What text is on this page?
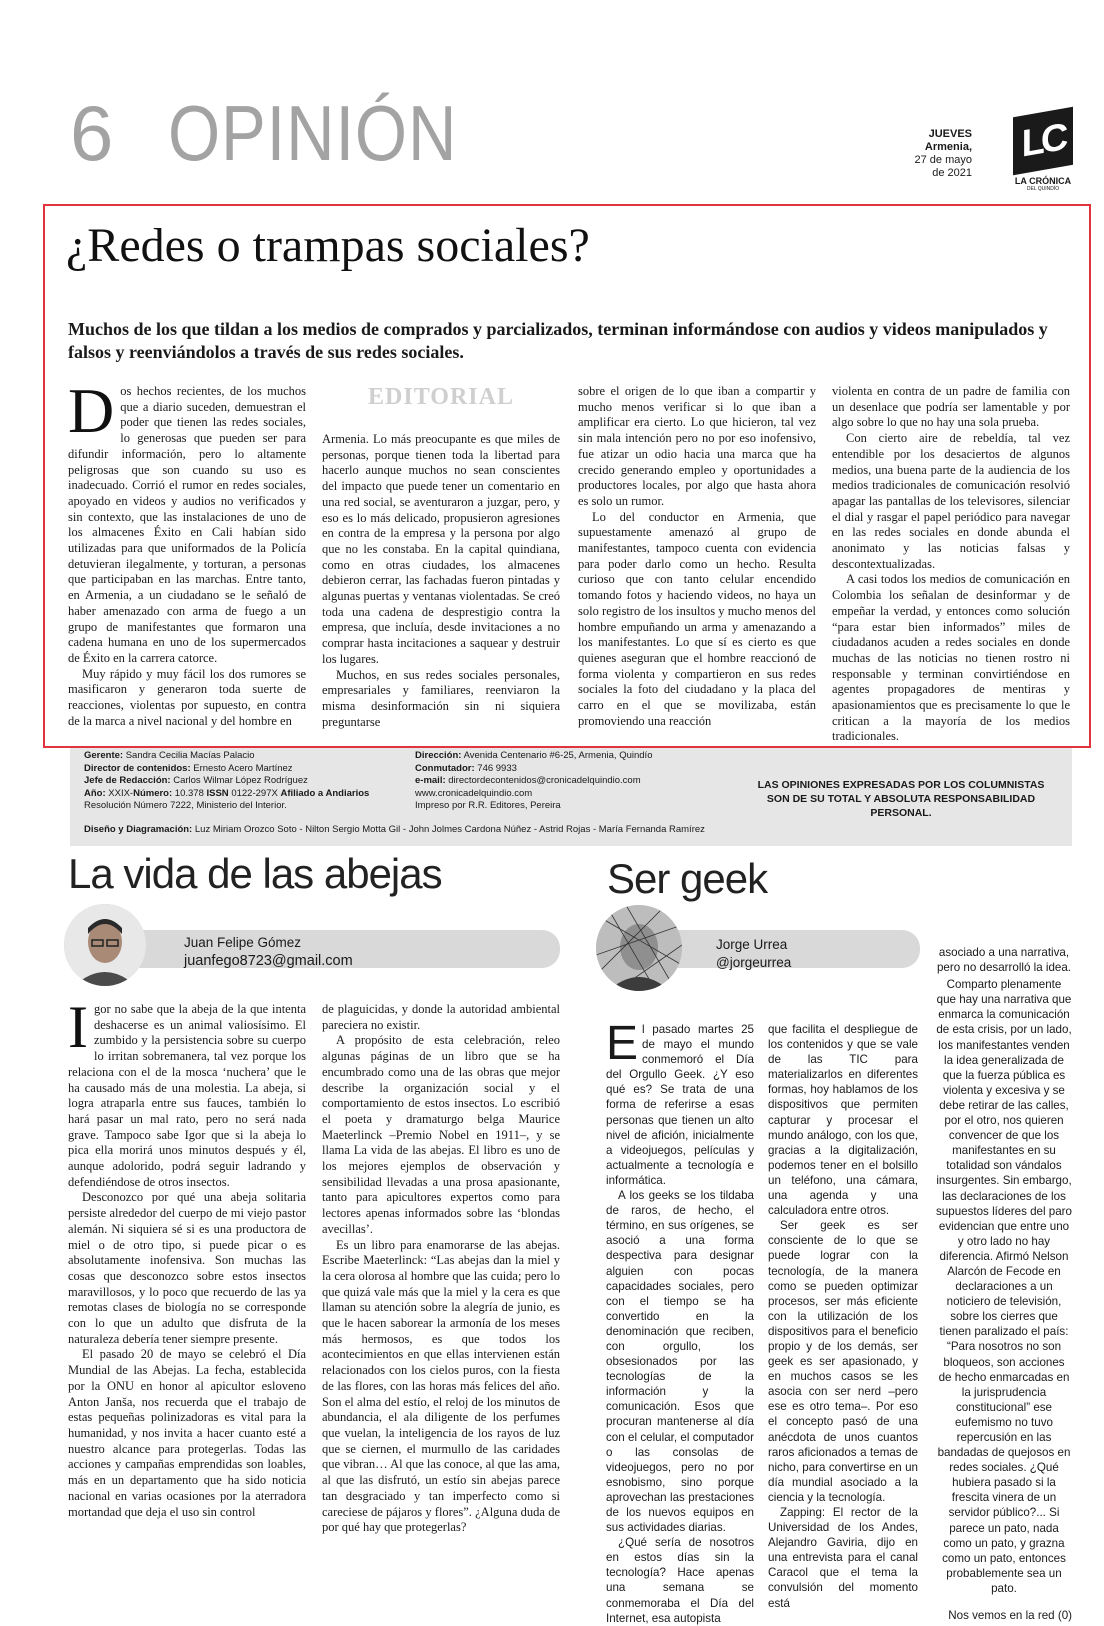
6 OPINIÓN	JUEVES
Armenia,
27 de mayo
de 2021
LC
LA CRÓNICA
DEL QUINDÍO
¿Redes o trampas sociales?
Muchos de los que tildan a los medios de comprados y parcializados, terminan informándose con audios y videos manipulados y falsos y reenviándolos a través de sus redes sociales.
EDITORIAL

Dos hechos recientes, de los muchos que a diario suceden, demuestran el poder que tienen las redes sociales, lo generosas que pueden ser para difundir información, pero lo altamente peligrosas que son cuando su uso es inadecuado. Corrió el rumor en redes sociales, apoyado en videos y audios no verificados y sin contexto, que las instalaciones de uno de los almacenes Éxito en Cali habían sido utilizadas para que uniformados de la Policía detuvieran ilegalmente, y torturan, a personas que participaban en las marchas. Entre tanto, en Armenia, a un ciudadano se le señaló de haber amenazado con arma de fuego a un grupo de manifestantes que formaron una cadena humana en uno de los supermercados de Éxito en la carrera catorce.

Muy rápido y muy fácil los dos rumores se masificaron y generaron toda suerte de reacciones, violentas por supuesto, en contra de la marca a nivel nacional y del hombre en

Armenia. Lo más preocupante es que miles de personas, porque tienen toda la libertad para hacerlo aunque muchos no sean conscientes del impacto que puede tener un comentario en una red social, se aventuraron a juzgar, pero, y eso es lo más delicado, propusieron agresiones en contra de la empresa y la persona por algo que no les constaba. En la capital quindiana, como en otras ciudades, los almacenes debieron cerrar, las fachadas fueron pintadas y algunas puertas y ventanas violentadas. Se creó toda una cadena de desprestigio contra la empresa, que incluía, desde invitaciones a no comprar hasta incitaciones a saquear y destruir los lugares.

Muchos, en sus redes sociales personales, empresariales y familiares, reenviaron la misma desinformación sin ni siquiera preguntarse

sobre el origen de lo que iban a compartir y mucho menos verificar si lo que iban a amplificar era cierto. Lo que hicieron, tal vez sin mala intención pero no por eso inofensivo, fue atizar un odio hacia una marca que ha crecido generando empleo y oportunidades a productores locales, por algo que hasta ahora es solo un rumor.

Lo del conductor en Armenia, que supuestamente amenazó al grupo de manifestantes, tampoco cuenta con evidencia para poder darlo como un hecho. Resulta curioso que con tanto celular encendido tomando fotos y haciendo videos, no haya un solo registro de los insultos y mucho menos del hombre empuñando un arma y amenazando a los manifestantes. Lo que sí es cierto es que quienes aseguran que el hombre reaccionó de forma violenta y compartieron en sus redes sociales la foto del ciudadano y la placa del carro en el que se movilizaba, están promoviendo una reacción

violenta en contra de un padre de familia con un desenlace que podría ser lamentable y por algo sobre lo que no hay una sola prueba.

Con cierto aire de rebeldía, tal vez entendible por los desaciertos de algunos medios, una buena parte de la audiencia de los medios tradicionales de comunicación resolvió apagar las pantallas de los televisores, silenciar el dial y rasgar el papel periódico para navegar en las redes sociales en donde abunda el anonimato y las noticias falsas y descontextualizadas.

A casi todos los medios de comunicación en Colombia los señalan de desinformar y de empeñar la verdad, y entonces como solución “para estar bien informados” miles de ciudadanos acuden a redes sociales en donde muchas de las noticias no tienen rostro ni responsable y terminan convirtiéndose en agentes propagadores de mentiras y apasionamientos que es precisamente lo que le critican a la mayoría de los medios tradicionales.

Gerente: Sandra Cecilia Macías Palacio
Director de contenidos: Ernesto Acero Martínez
Jefe de Redacción: Carlos Wilmar López Rodríguez
Año: XXIX-Número: 10.378 ISSN 0122-297X Afiliado a Andiarios
Resolución Número 7222, Ministerio del Interior.
Dirección: Avenida Centenario #6-25, Armenia, Quindío
Conmutador: 746 9933
e-mail: directordecontenidos@cronicadelquindio.com
www.cronicadelquindio.com
Impreso por R.R. Editores, Pereira
Diseño y Diagramación: Luz Miriam Orozco Soto - Nilton Sergio Motta Gil - John Jolmes Cardona Núñez - Astrid Rojas - María Fernanda Ramírez
LAS OPINIONES EXPRESADAS POR LOS COLUMNISTAS SON DE SU TOTAL Y ABSOLUTA RESPONSABILIDAD PERSONAL.
La vida de las abejas
Juan Felipe Gómez
juanfego8723@gmail.com

Igor no sabe que la abeja de la que intenta deshacerse es un animal valiosísimo. El zumbido y la persistencia sobre su cuerpo lo irritan sobremanera, tal vez porque los relaciona con el de la mosca ‘nuchera’ que le ha causado más de una molestia. La abeja, si logra atraparla entre sus fauces, también lo hará pasar un mal rato, pero no será nada grave. Tampoco sabe Igor que si la abeja lo pica ella morirá unos minutos después y él, aunque adolorido, podrá seguir ladrando y defendiéndose de otros insectos.

Desconozco por qué una abeja solitaria persiste alrededor del cuerpo de mi viejo pastor alemán. Ni siquiera sé si es una productora de miel o de otro tipo, si puede picar o es absolutamente inofensiva. Son muchas las cosas que desconozco sobre estos insectos maravillosos, y lo poco que recuerdo de las ya remotas clases de biología no se corresponde con lo que un adulto que disfruta de la naturaleza debería tener siempre presente.

El pasado 20 de mayo se celebró el Día Mundial de las Abejas. La fecha, establecida por la ONU en honor al apicultor esloveno Anton Janša, nos recuerda que el trabajo de estas pequeñas polinizadoras es vital para la humanidad, y nos invita a hacer cuanto esté a nuestro alcance para protegerlas. Todas las acciones y campañas emprendidas son loables, más en un departamento que ha sido noticia nacional en varias ocasiones por la aterradora mortandad que deja el uso sin control

de plaguicidas, y donde la autoridad ambiental pareciera no existir.

A propósito de esta celebración, releo algunas páginas de un libro que se ha encumbrado como una de las obras que mejor describe la organización social y el comportamiento de estos insectos. Lo escribió el poeta y dramaturgo belga Maurice Maeterlinck –Premio Nobel en 1911–, y se llama La vida de las abejas. El libro es uno de los mejores ejemplos de observación y sensibilidad llevadas a una prosa apasionante, tanto para apicultores expertos como para lectores apenas informados sobre las ‘blondas avecillas’.

Es un libro para enamorarse de las abejas. Escribe Maeterlinck: “Las abejas dan la miel y la cera olorosa al hombre que las cuida; pero lo que quizá vale más que la miel y la cera es que llaman su atención sobre la alegría de junio, es que le hacen saborear la armonía de los meses más hermosos, es que todos los acontecimientos en que ellas intervienen están relacionados con los cielos puros, con la fiesta de las flores, con las horas más felices del año. Son el alma del estío, el reloj de los minutos de abundancia, el ala diligente de los perfumes que vuelan, la inteligencia de los rayos de luz que se ciernen, el murmullo de las caridades que vibran… Al que las conoce, al que las ama, al que las disfrutó, un estío sin abejas parece tan desgraciado y tan imperfecto como si careciese de pájaros y flores”. ¿Alguna duda de por qué hay que protegerlas?

Ser geek
Jorge Urrea
@jorgeurrea

El pasado martes 25 de mayo el mundo conmemoró el Día del Orgullo Geek. ¿Y eso qué es? Se trata de una forma de referirse a esas personas que tienen un alto nivel de afición, inicialmente a videojuegos, películas y actualmente a tecnología e informática.

A los geeks se los tildaba de raros, de hecho, el término, en sus orígenes, se asoció a una forma despectiva para designar alguien con pocas capacidades sociales, pero con el tiempo se ha convertido en la denominación que reciben, con orgullo, los obsesionados por las tecnologías de la información y la comunicación. Esos que procuran mantenerse al día con el celular, el computador o las consolas de videojuegos, pero no por esnobismo, sino porque aprovechan las prestaciones de los nuevos equipos en sus actividades diarias.

¿Qué sería de nosotros en estos días sin la tecnología? Hace apenas una semana se conmemoraba el Día del Internet, esa autopista

que facilita el despliegue de los contenidos y que se vale de las TIC para materializarlos en diferentes formas, hoy hablamos de los dispositivos que permiten capturar y procesar el mundo análogo, con los que, gracias a la digitalización, podemos tener en el bolsillo un teléfono, una cámara, una agenda y una calculadora entre otros.

Ser geek es ser consciente de lo que se puede lograr con la tecnología, de la manera como se pueden optimizar procesos, ser más eficiente con la utilización de los dispositivos para el beneficio propio y de los demás, ser geek es ser apasionado, y en muchos casos se les asocia con ser nerd –pero ese es otro tema–. Por eso el concepto pasó de una anécdota de unos cuantos raros aficionados a temas de nicho, para convertirse en un día mundial asociado a la ciencia y la tecnología.

Zapping: El rector de la Universidad de los Andes, Alejandro Gaviria, dijo en una entrevista para el canal Caracol que el tema la convulsión del momento está

asociado a una narrativa, pero no desarrolló la idea.

Comparto plenamente que hay una narrativa que enmarca la comunicación de esta crisis, por un lado, los manifestantes venden la idea generalizada de que la fuerza pública es violenta y excesiva y se debe retirar de las calles, por el otro, nos quieren convencer de que los manifestantes en su totalidad son vándalos insurgentes. Sin embargo, las declaraciones de los supuestos líderes del paro evidencian que entre uno y otro lado no hay diferencia. Afirmó Nelson Alarcón de Fecode en declaraciones a un noticiero de televisión, sobre los cierres que tienen paralizado el país: “Para nosotros no son bloqueos, son acciones de hecho enmarcadas en la jurisprudencia constitucional” ese eufemismo no tuvo repercusión en las bandadas de quejosos en redes sociales. ¿Qué hubiera pasado si la frescita vinera de un servidor público?... Si parece un pato, nada como un pato, y grazna como un pato, entonces probablemente sea un pato.

Nos vemos en la red (0)
